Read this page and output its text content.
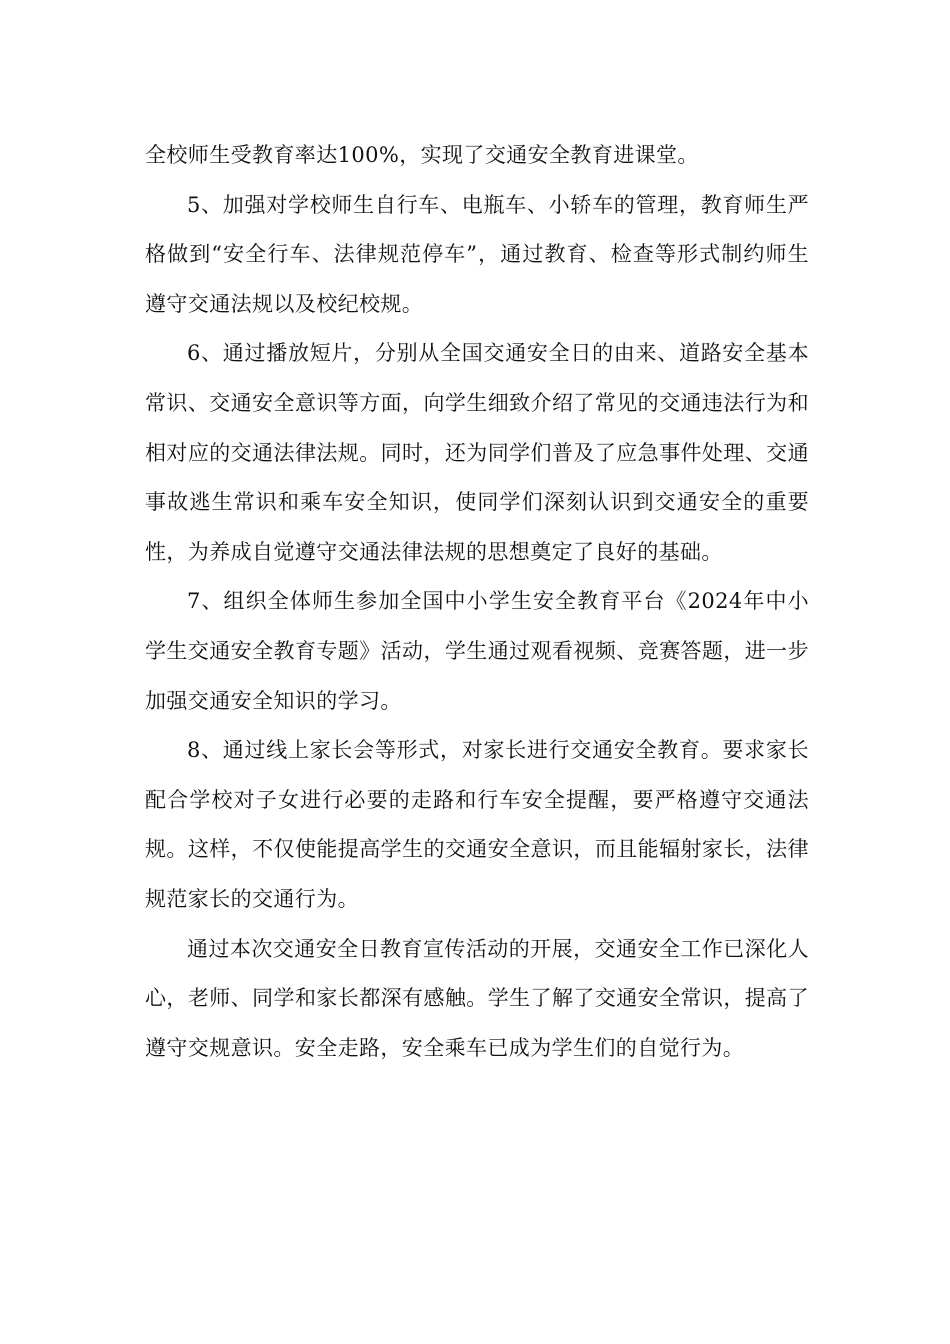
全校师生受教育率达100%，实现了交通安全教育进课堂。

5、加强对学校师生自行车、电瓶车、小轿车的管理，教育师生严格做到“安全行车、法律规范停车”，通过教育、检查等形式制约师生遵守交通法规以及校纪校规。

6、通过播放短片，分别从全国交通安全日的由来、道路安全基本常识、交通安全意识等方面，向学生细致介绍了常见的交通违法行为和相对应的交通法律法规。同时，还为同学们普及了应急事件处理、交通事故逃生常识和乘车安全知识，使同学们深刻认识到交通安全的重要性，为养成自觉遵守交通法律法规的思想奠定了良好的基础。

7、组织全体师生参加全国中小学生安全教育平台《2024年中小学生交通安全教育专题》活动，学生通过观看视频、竞赛答题，进一步加强交通安全知识的学习。

8、通过线上家长会等形式，对家长进行交通安全教育。要求家长配合学校对子女进行必要的走路和行车安全提醒，要严格遵守交通法规。这样，不仅使能提高学生的交通安全意识，而且能辐射家长，法律规范家长的交通行为。

通过本次交通安全日教育宣传活动的开展，交通安全工作已深化人心，老师、同学和家长都深有感触。学生了解了交通安全常识，提高了遵守交规意识。安全走路，安全乘车已成为学生们的自觉行为。
